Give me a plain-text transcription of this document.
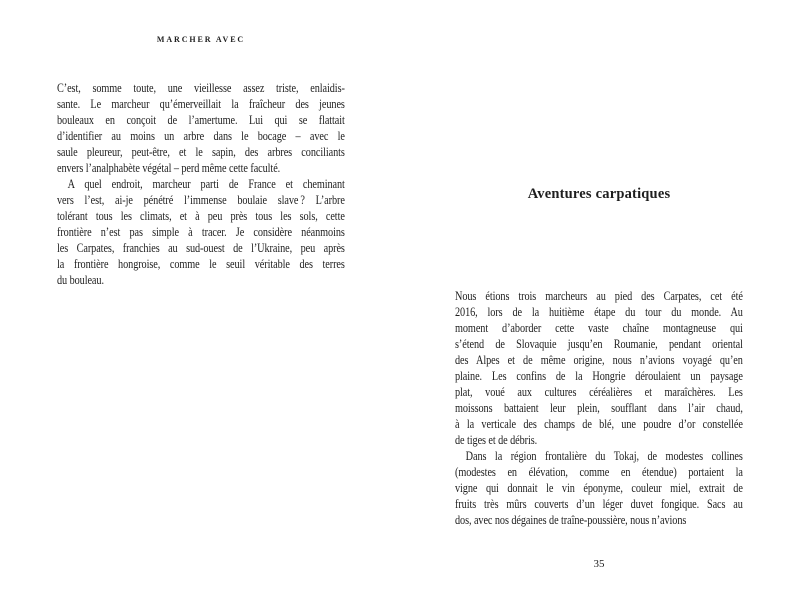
MARCHER AVEC
C’est, somme toute, une vieillesse assez triste, enlaidis-
sante. Le marcheur qu’émerveillait la fraîcheur des jeunes
bouleaux en conçoit de l’amertume. Lui qui se flattait
d’identifier au moins un arbre dans le bocage – avec le
saule pleureur, peut-être, et le sapin, des arbres conciliants
envers l’analphabète végétal – perd même cette faculté.
A quel endroit, marcheur parti de France et cheminant
vers l’est, ai-je pénétré l’immense boulaie slave ? L’arbre
tolérant tous les climats, et à peu près tous les sols, cette
frontière n’est pas simple à tracer. Je considère néanmoins
les Carpates, franchies au sud-ouest de l’Ukraine, peu après
la frontière hongroise, comme le seuil véritable des terres
du bouleau.
Aventures carpatiques
Nous étions trois marcheurs au pied des Carpates, cet été
2016, lors de la huitième étape du tour du monde. Au
moment d’aborder cette vaste chaîne montagneuse qui
s’étend de Slovaquie jusqu’en Roumanie, pendant oriental
des Alpes et de même origine, nous n’avions voyagé qu’en
plaine. Les confins de la Hongrie déroulaient un paysage
plat, voué aux cultures céréalières et maraîchères. Les
moissons battaient leur plein, soufflant dans l’air chaud,
à la verticale des champs de blé, une poudre d’or constellée
de tiges et de débris.
Dans la région frontalière du Tokaj, de modestes collines
(modestes en élévation, comme en étendue) portaient la
vigne qui donnait le vin éponyme, couleur miel, extrait de
fruits très mûrs couverts d’un léger duvet fongique. Sacs au
dos, avec nos dégaines de traîne-poussière, nous n’avions
35
